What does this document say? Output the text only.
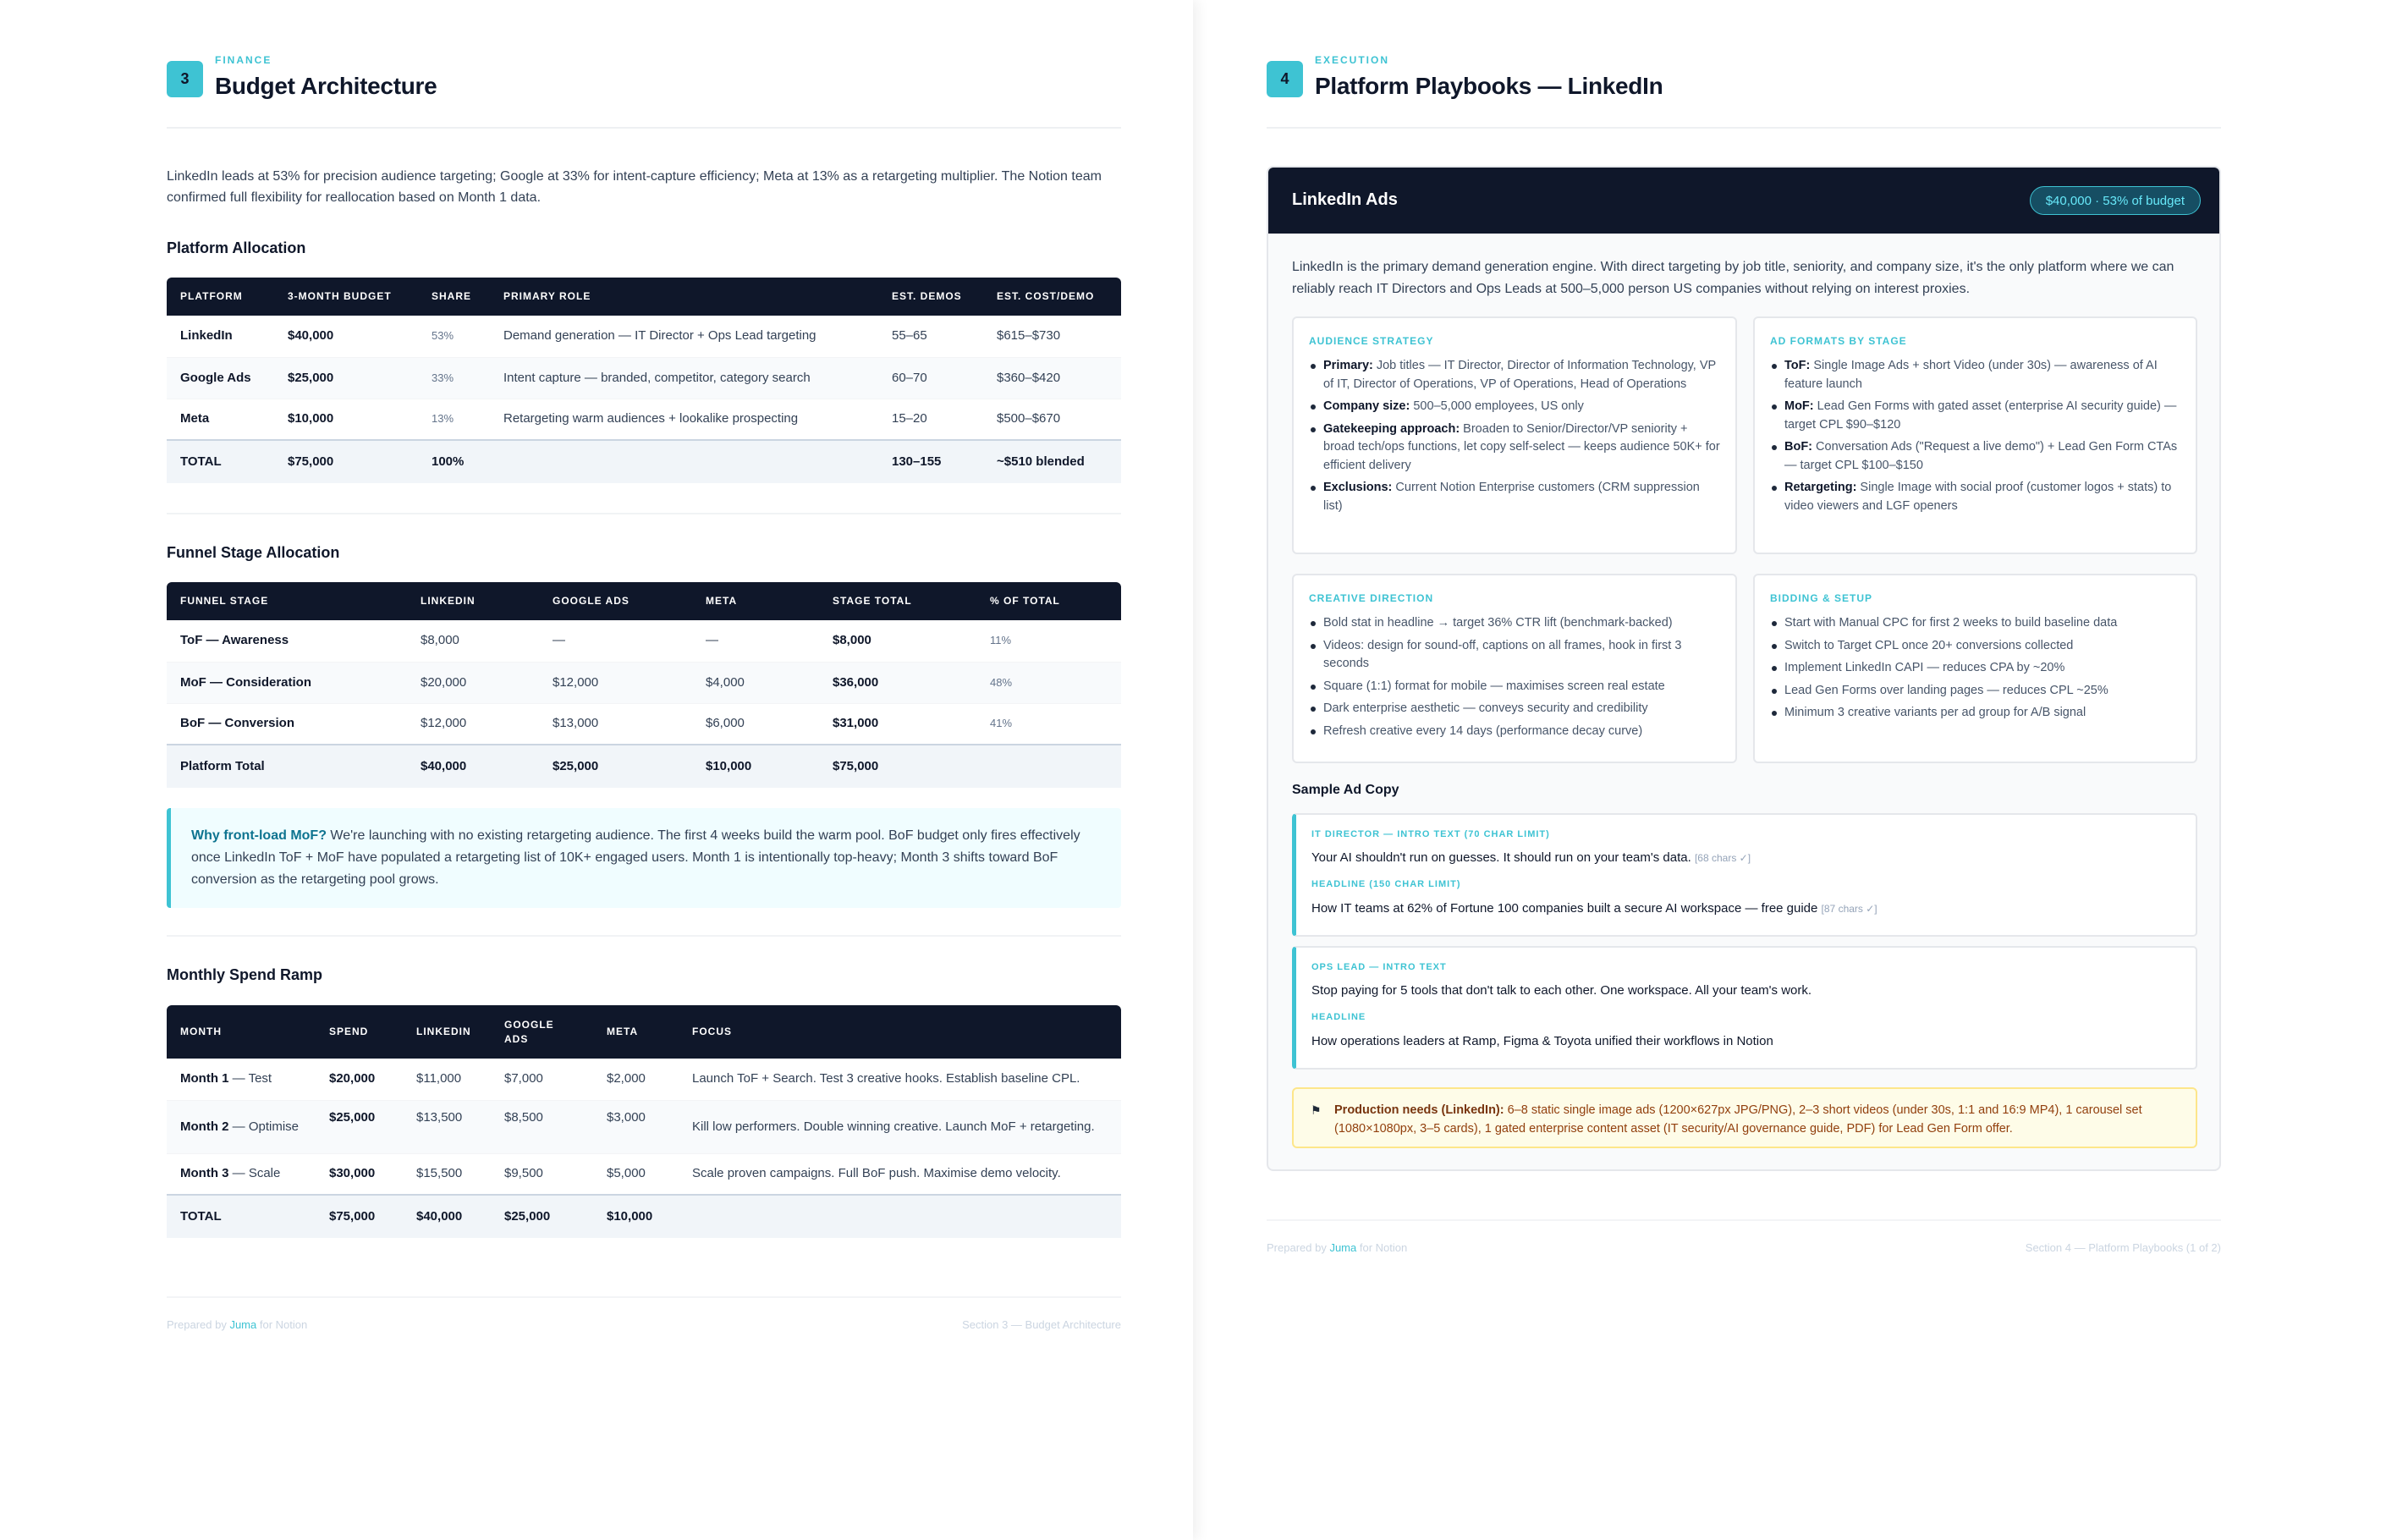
3
FINANCE
Budget Architecture

LinkedIn leads at 53% for precision audience targeting; Google at 33% for intent-capture efficiency; Meta at 13% as a retargeting multiplier. The Notion team confirmed full flexibility for reallocation based on Month 1 data.

Platform Allocation
PLATFORM	3-MONTH BUDGET	SHARE	PRIMARY ROLE	EST. DEMOS	EST. COST/DEMO
LinkedIn	$40,000	53%	Demand generation — IT Director + Ops Lead targeting	55–65	$615–$730
Google Ads	$25,000	33%	Intent capture — branded, competitor, category search	60–70	$360–$420
Meta	$10,000	13%	Retargeting warm audiences + lookalike prospecting	15–20	$500–$670
TOTAL	$75,000	100%		130–155	~$510 blended
Funnel Stage Allocation
FUNNEL STAGE	LINKEDIN	GOOGLE ADS	META	STAGE TOTAL	% OF TOTAL
ToF — Awareness	$8,000	—	—	$8,000	11%
MoF — Consideration	$20,000	$12,000	$4,000	$36,000	48%
BoF — Conversion	$12,000	$13,000	$6,000	$31,000	41%
Platform Total	$40,000	$25,000	$10,000	$75,000	
Why front-load MoF? We're launching with no existing retargeting audience. The first 4 weeks build the warm pool. BoF budget only fires effectively once LinkedIn ToF + MoF have populated a retargeting list of 10K+ engaged users. Month 1 is intentionally top-heavy; Month 3 shifts toward BoF conversion as the retargeting pool grows.
Monthly Spend Ramp
MONTH	SPEND	LINKEDIN	GOOGLE ADS	META	FOCUS
Month 1 — Test	$20,000	$11,000	$7,000	$2,000	Launch ToF + Search. Test 3 creative hooks. Establish baseline CPL.
Month 2 — Optimise	$25,000	$13,500	$8,500	$3,000	Kill low performers. Double winning creative. Launch MoF + retargeting.
Month 3 — Scale	$30,000	$15,500	$9,500	$5,000	Scale proven campaigns. Full BoF push. Maximise demo velocity.
TOTAL	$75,000	$40,000	$25,000	$10,000	
Prepared by Juma for Notion	Section 3 — Budget Architecture
4
EXECUTION
Platform Playbooks — LinkedIn
LinkedIn Ads	$40,000 · 53% of budget

LinkedIn is the primary demand generation engine. With direct targeting by job title, seniority, and company size, it's the only platform where we can reliably reach IT Directors and Ops Leads at 500–5,000 person US companies without relying on interest proxies.

AUDIENCE STRATEGY
Primary: Job titles — IT Director, Director of Information Technology, VP of IT, Director of Operations, VP of Operations, Head of Operations
Company size: 500–5,000 employees, US only
Gatekeeping approach: Broaden to Senior/Director/VP seniority + broad tech/ops functions, let copy self-select — keeps audience 50K+ for efficient delivery
Exclusions: Current Notion Enterprise customers (CRM suppression list)
AD FORMATS BY STAGE
ToF: Single Image Ads + short Video (under 30s) — awareness of AI feature launch
MoF: Lead Gen Forms with gated asset (enterprise AI security guide) — target CPL $90–$120
BoF: Conversation Ads ("Request a live demo") + Lead Gen Form CTAs — target CPL $100–$150
Retargeting: Single Image with social proof (customer logos + stats) to video viewers and LGF openers
CREATIVE DIRECTION
Bold stat in headline → target 36% CTR lift (benchmark-backed)
Videos: design for sound-off, captions on all frames, hook in first 3 seconds
Square (1:1) format for mobile — maximises screen real estate
Dark enterprise aesthetic — conveys security and credibility
Refresh creative every 14 days (performance decay curve)
BIDDING & SETUP
Start with Manual CPC for first 2 weeks to build baseline data
Switch to Target CPL once 20+ conversions collected
Implement LinkedIn CAPI — reduces CPA by ~20%
Lead Gen Forms over landing pages — reduces CPL ~25%
Minimum 3 creative variants per ad group for A/B signal
Sample Ad Copy
IT DIRECTOR — INTRO TEXT (70 CHAR LIMIT)
Your AI shouldn't run on guesses. It should run on your team's data. [68 chars ✓]
HEADLINE (150 CHAR LIMIT)
How IT teams at 62% of Fortune 100 companies built a secure AI workspace — free guide [87 chars ✓]
OPS LEAD — INTRO TEXT
Stop paying for 5 tools that don't talk to each other. One workspace. All your team's work.
HEADLINE
How operations leaders at Ramp, Figma & Toyota unified their workflows in Notion
⚑ Production needs (LinkedIn): 6–8 static single image ads (1200×627px JPG/PNG), 2–3 short videos (under 30s, 1:1 and 16:9 MP4), 1 carousel set (1080×1080px, 3–5 cards), 1 gated enterprise content asset (IT security/AI governance guide, PDF) for Lead Gen Form offer.
Prepared by Juma for Notion	Section 4 — Platform Playbooks (1 of 2)
